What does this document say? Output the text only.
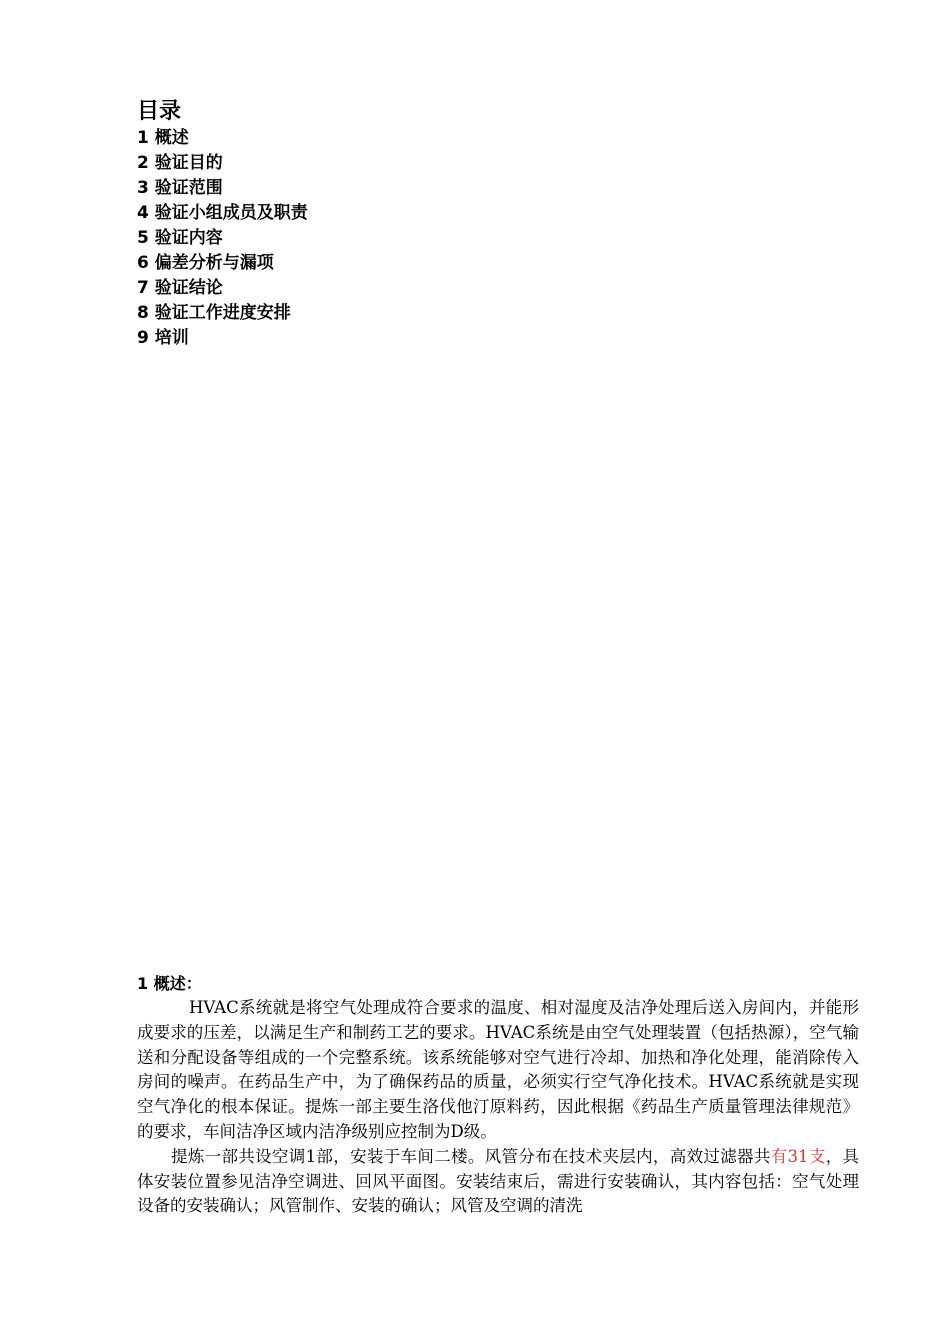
目录
1 概述
2 验证目的
3 验证范围
4 验证小组成员及职责
5 验证内容
6 偏差分析与漏项
7 验证结论
8 验证工作进度安排
9 培训
1 概述：

HVAC系统就是将空气处理成符合要求的温度、相对湿度及洁净处理后送入房间内，并能形成要求的压差，以满足生产和制药工艺的要求。HVAC系统是由空气处理装置（包括热源），空气输送和分配设备等组成的一个完整系统。该系统能够对空气进行冷却、加热和净化处理，能消除传入房间的噪声。在药品生产中，为了确保药品的质量，必须实行空气净化技术。HVAC系统就是实现空气净化的根本保证。提炼一部主要生洛伐他汀原料药，因此根据《药品生产质量管理法律规范》的要求，车间洁净区域内洁净级别应控制为D级。

提炼一部共设空调1部，安装于车间二楼。风管分布在技术夹层内，高效过滤器共有31支，具体安装位置参见洁净空调进、回风平面图。安装结束后，需进行安装确认，其内容包括：空气处理设备的安装确认；风管制作、安装的确认；风管及空调的清洗
